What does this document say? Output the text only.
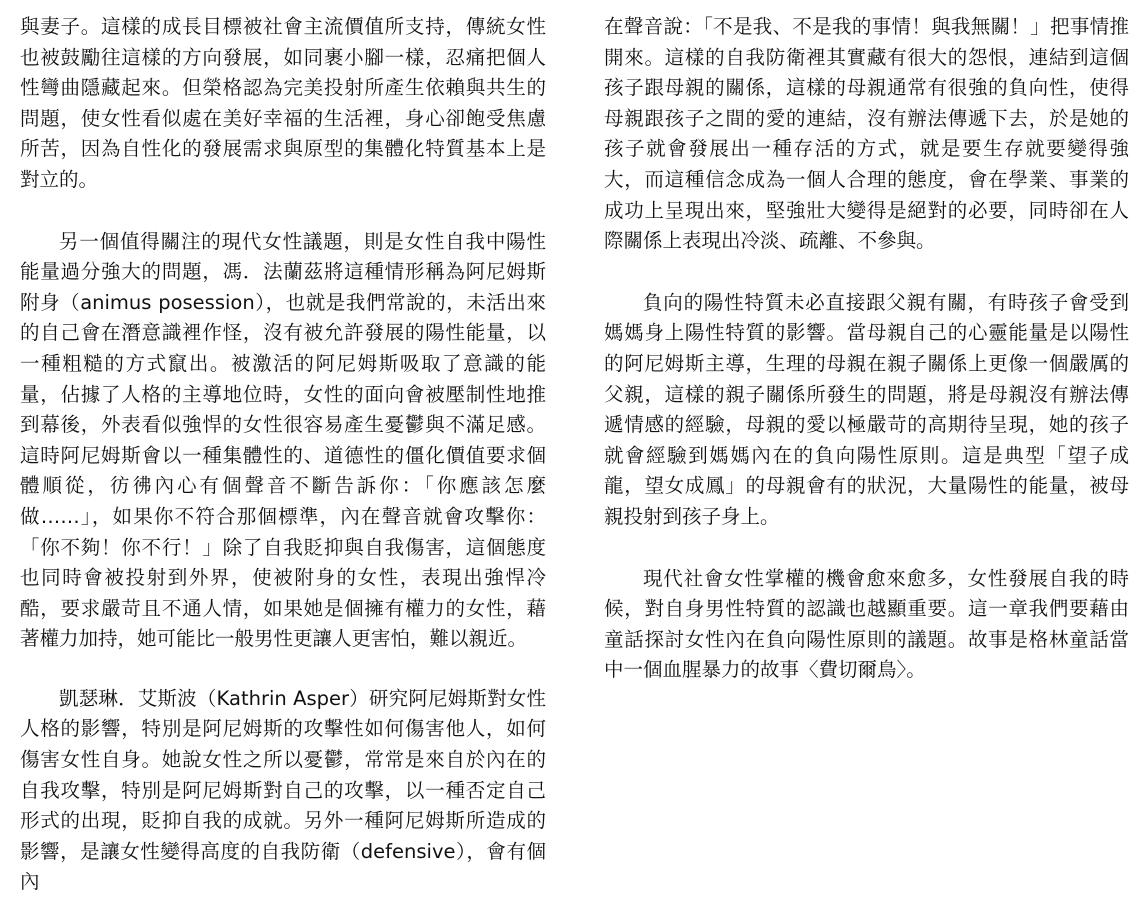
與妻子。這樣的成長目標被社會主流價值所支持，傳統女性也被鼓勵往這樣的方向發展，如同裹小腳一樣，忍痛把個人性彎曲隱藏起來。但榮格認為完美投射所產生依賴與共生的問題，使女性看似處在美好幸福的生活裡，身心卻飽受焦慮所苦，因為自性化的發展需求與原型的集體化特質基本上是對立的。

另一個值得關注的現代女性議題，則是女性自我中陽性能量過分強大的問題，馮．法蘭茲將這種情形稱為阿尼姆斯附身（animus posession），也就是我們常說的，未活出來的自己會在潛意識裡作怪，沒有被允許發展的陽性能量，以一種粗糙的方式竄出。被激活的阿尼姆斯吸取了意識的能量，佔據了人格的主導地位時，女性的面向會被壓制性地推到幕後，外表看似強悍的女性很容易產生憂鬱與不滿足感。這時阿尼姆斯會以一種集體性的、道德性的僵化價值要求個體順從，彷彿內心有個聲音不斷告訴你：「你應該怎麼做……」，如果你不符合那個標準，內在聲音就會攻擊你：「你不夠！你不行！」除了自我貶抑與自我傷害，這個態度也同時會被投射到外界，使被附身的女性，表現出強悍冷酷，要求嚴苛且不通人情，如果她是個擁有權力的女性，藉著權力加持，她可能比一般男性更讓人更害怕，難以親近。

凱瑟琳．艾斯波（Kathrin Asper）研究阿尼姆斯對女性人格的影響，特別是阿尼姆斯的攻擊性如何傷害他人，如何傷害女性自身。她說女性之所以憂鬱，常常是來自於內在的自我攻擊，特別是阿尼姆斯對自己的攻擊，以一種否定自己形式的出現，貶抑自我的成就。另外一種阿尼姆斯所造成的影響，是讓女性變得高度的自我防衛（defensive），會有個內

在聲音說：「不是我、不是我的事情！與我無關！」把事情推開來。這樣的自我防衛裡其實藏有很大的怨恨，連結到這個孩子跟母親的關係，這樣的母親通常有很強的負向性，使得母親跟孩子之間的愛的連結，沒有辦法傳遞下去，於是她的孩子就會發展出一種存活的方式，就是要生存就要變得強大，而這種信念成為一個人合理的態度，會在學業、事業的成功上呈現出來，堅強壯大變得是絕對的必要，同時卻在人際關係上表現出冷淡、疏離、不參與。

負向的陽性特質未必直接跟父親有關，有時孩子會受到媽媽身上陽性特質的影響。當母親自己的心靈能量是以陽性的阿尼姆斯主導，生理的母親在親子關係上更像一個嚴厲的父親，這樣的親子關係所發生的問題，將是母親沒有辦法傳遞情感的經驗，母親的愛以極嚴苛的高期待呈現，她的孩子就會經驗到媽媽內在的負向陽性原則。這是典型「望子成龍，望女成鳳」的母親會有的狀況，大量陽性的能量，被母親投射到孩子身上。

現代社會女性掌權的機會愈來愈多，女性發展自我的時候，對自身男性特質的認識也越顯重要。這一章我們要藉由童話探討女性內在負向陽性原則的議題。故事是格林童話當中一個血腥暴力的故事〈費切爾鳥〉。
